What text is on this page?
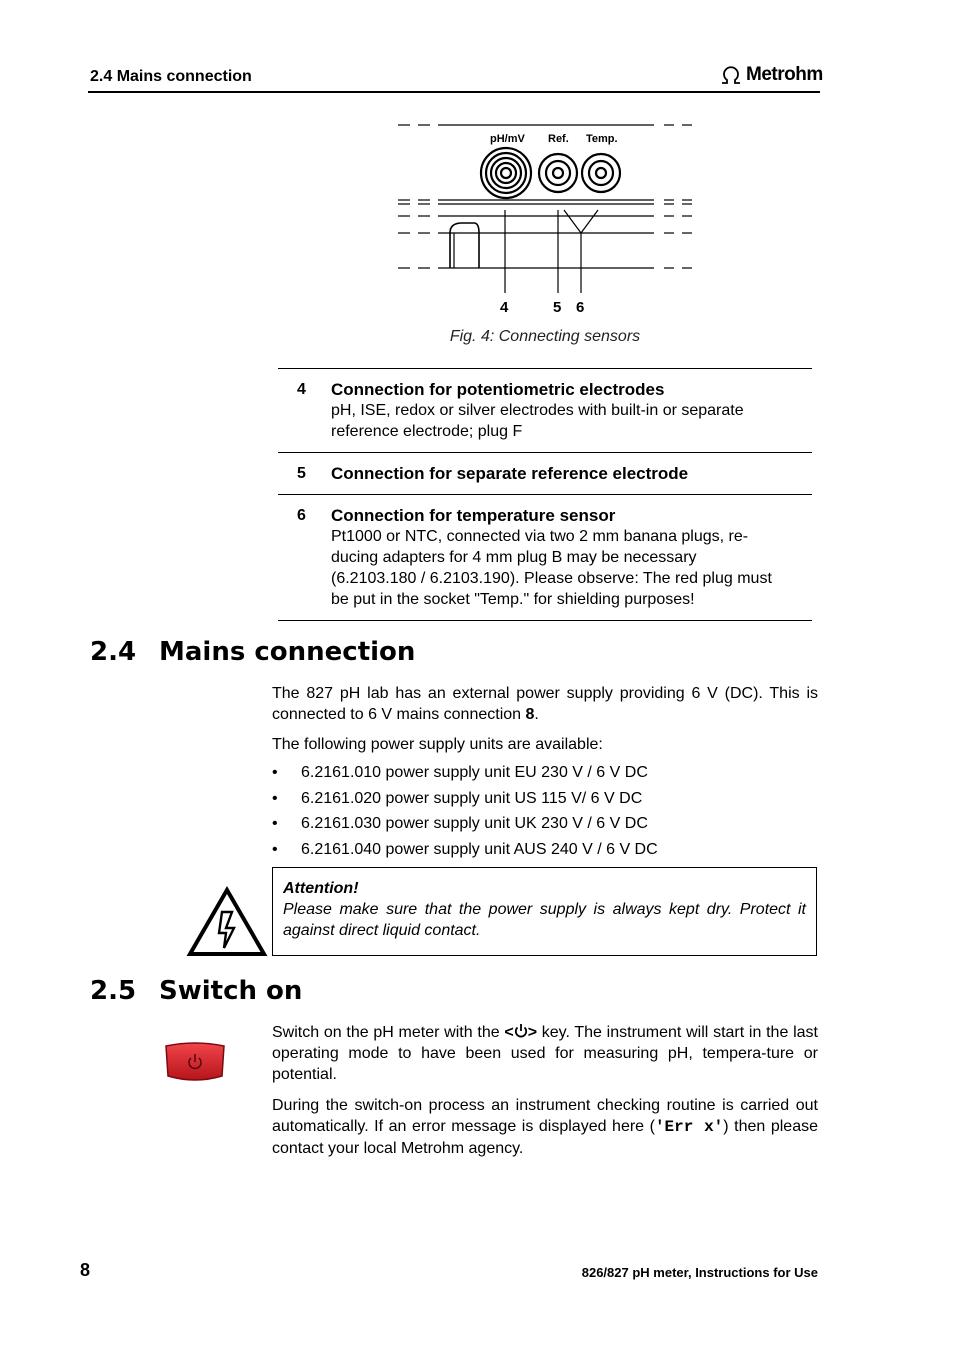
2.4 Mains connection	Metrohm
pH/mV Ref. Temp.
4	5 6
Fig. 4: Connecting sensors
4	Connection for potentiometric electrodes
pH, ISE, redox or silver electrodes with built-in or separate
reference electrode; plug F
5	Connection for separate reference electrode
6	Connection for temperature sensor
Pt1000 or NTC, connected via two 2 mm banana plugs, re-
ducing adapters for 4 mm plug B may be necessary
(6.2103.180 / 6.2103.190). Please observe: The red plug must
be put in the socket "Temp." for shielding purposes!
2.4 Mains connection
The 827 pH lab has an external power supply providing 6 V (DC). This is connected to 6 V mains connection 8.
The following power supply units are available:
•	6.2161.010 power supply unit EU 230 V / 6 V DC
•	6.2161.020 power supply unit US 115 V/ 6 V DC
•	6.2161.030 power supply unit UK 230 V / 6 V DC
•	6.2161.040 power supply unit AUS 240 V / 6 V DC
Attention!
Please make sure that the power supply is always kept dry. Protect it against direct liquid contact.
2.5 Switch on
Switch on the pH meter with the < > key. The instrument will start in the last operating mode to have been used for measuring pH, tempera-ture or potential.
During the switch-on process an instrument checking routine is carried out automatically. If an error message is displayed here ('Err x') then please contact your local Metrohm agency.
8	826/827 pH meter, Instructions for Use
